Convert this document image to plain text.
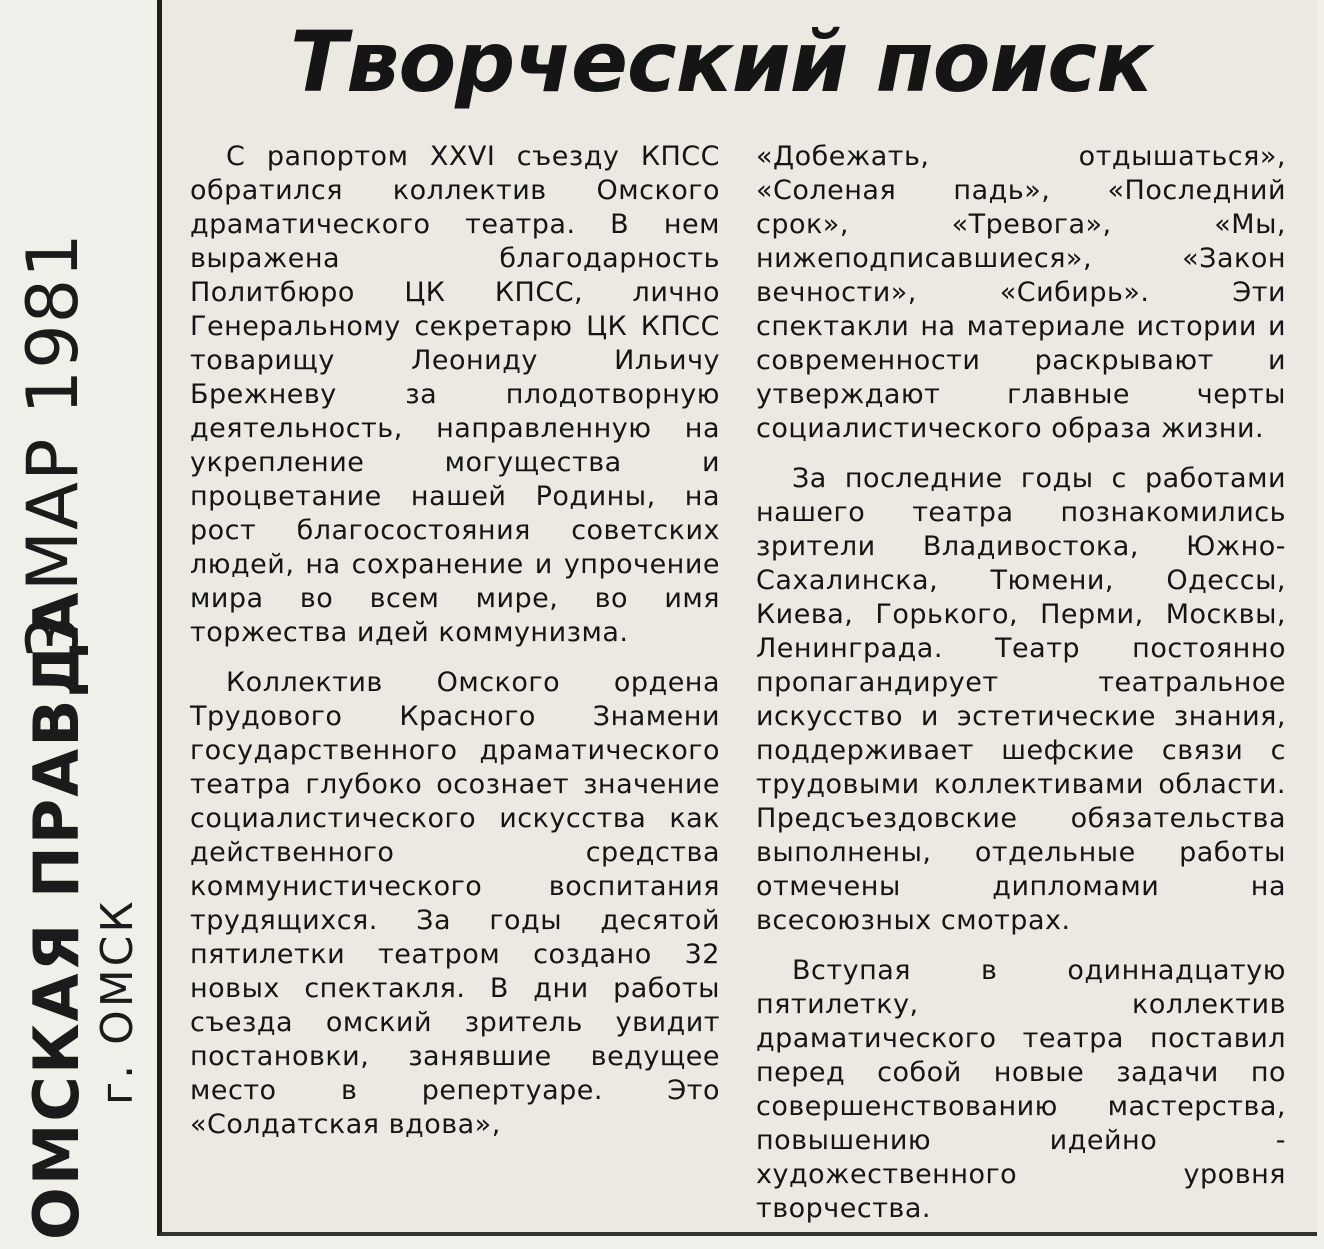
ОМСКАЯ ПРАВДА г. ОМСК
3 МАР 1981
Творческий поиск

С рапортом XXVI съезду КПСС обратился коллектив Омского драматического театра. В нем выражена благодарность Политбюро ЦК КПСС, лично Генеральному секретарю ЦК КПСС товарищу Леониду Ильичу Брежневу за плодотворную деятельность, направленную на укрепление могущества и процветание нашей Родины, на рост благосостояния советских людей, на сохранение и упрочение мира во всем мире, во имя торжества идей коммунизма.

Коллектив Омского ордена Трудового Красного Знамени государственного драматического театра глубоко осознает значение социалистического искусства как действенного средства коммунистического воспитания трудящихся. За годы десятой пятилетки театром создано 32 новых спектакля. В дни работы съезда омский зритель увидит постановки, занявшие ведущее место в репертуаре. Это «Солдатская вдова»,

«Добежать, отдышаться», «Соленая падь», «Последний срок», «Тревога», «Мы, нижеподписавшиеся», «Закон вечности», «Сибирь». Эти спектакли на материале истории и современности раскрывают и утверждают главные черты социалистического образа жизни.

За последние годы с работами нашего театра познакомились зрители Владивостока, Южно-Сахалинска, Тюмени, Одессы, Киева, Горького, Перми, Москвы, Ленинграда. Театр постоянно пропагандирует театральное искусство и эстетические знания, поддерживает шефские связи с трудовыми коллективами области. Предсъездовские обязательства выполнены, отдельные работы отмечены дипломами на всесоюзных смотрах.

Вступая в одиннадцатую пятилетку, коллектив драматического театра поставил перед собой новые задачи по совершенствованию мастерства, повышению идейно - художественного уровня творчества.
